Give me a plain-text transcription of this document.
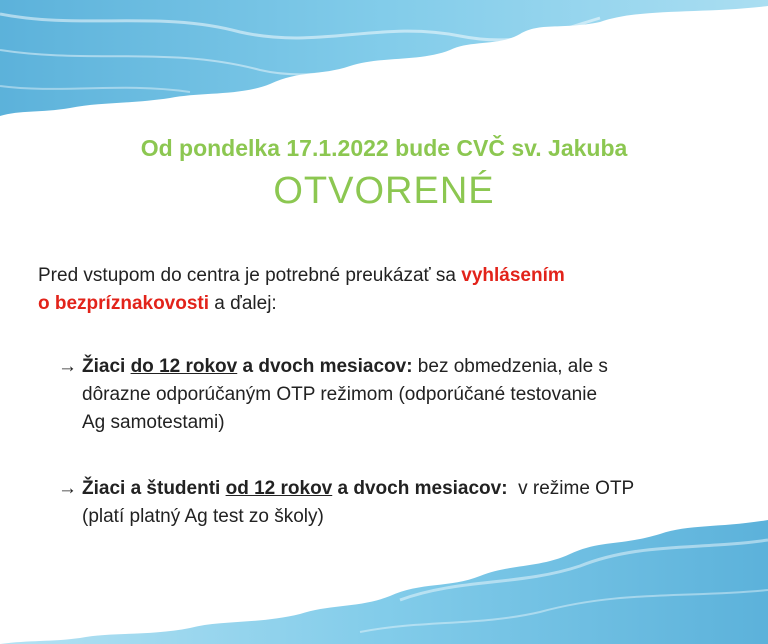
Od pondelka 17.1.2022 bude CVČ sv. Jakuba
OTVORENÉ
Pred vstupom do centra je potrebné preukázať sa vyhlásením
o bezpríznakovosti a ďalej:
→ Žiaci do 12 rokov a dvoch mesiacov: bez obmedzenia, ale s

dôrazne odporúčaným OTP režimom (odporúčané testovanie
Ag samotestami)
→ Žiaci a študenti od 12 rokov a dvoch mesiacov:  v režime OTP

(platí platný Ag test zo školy)
